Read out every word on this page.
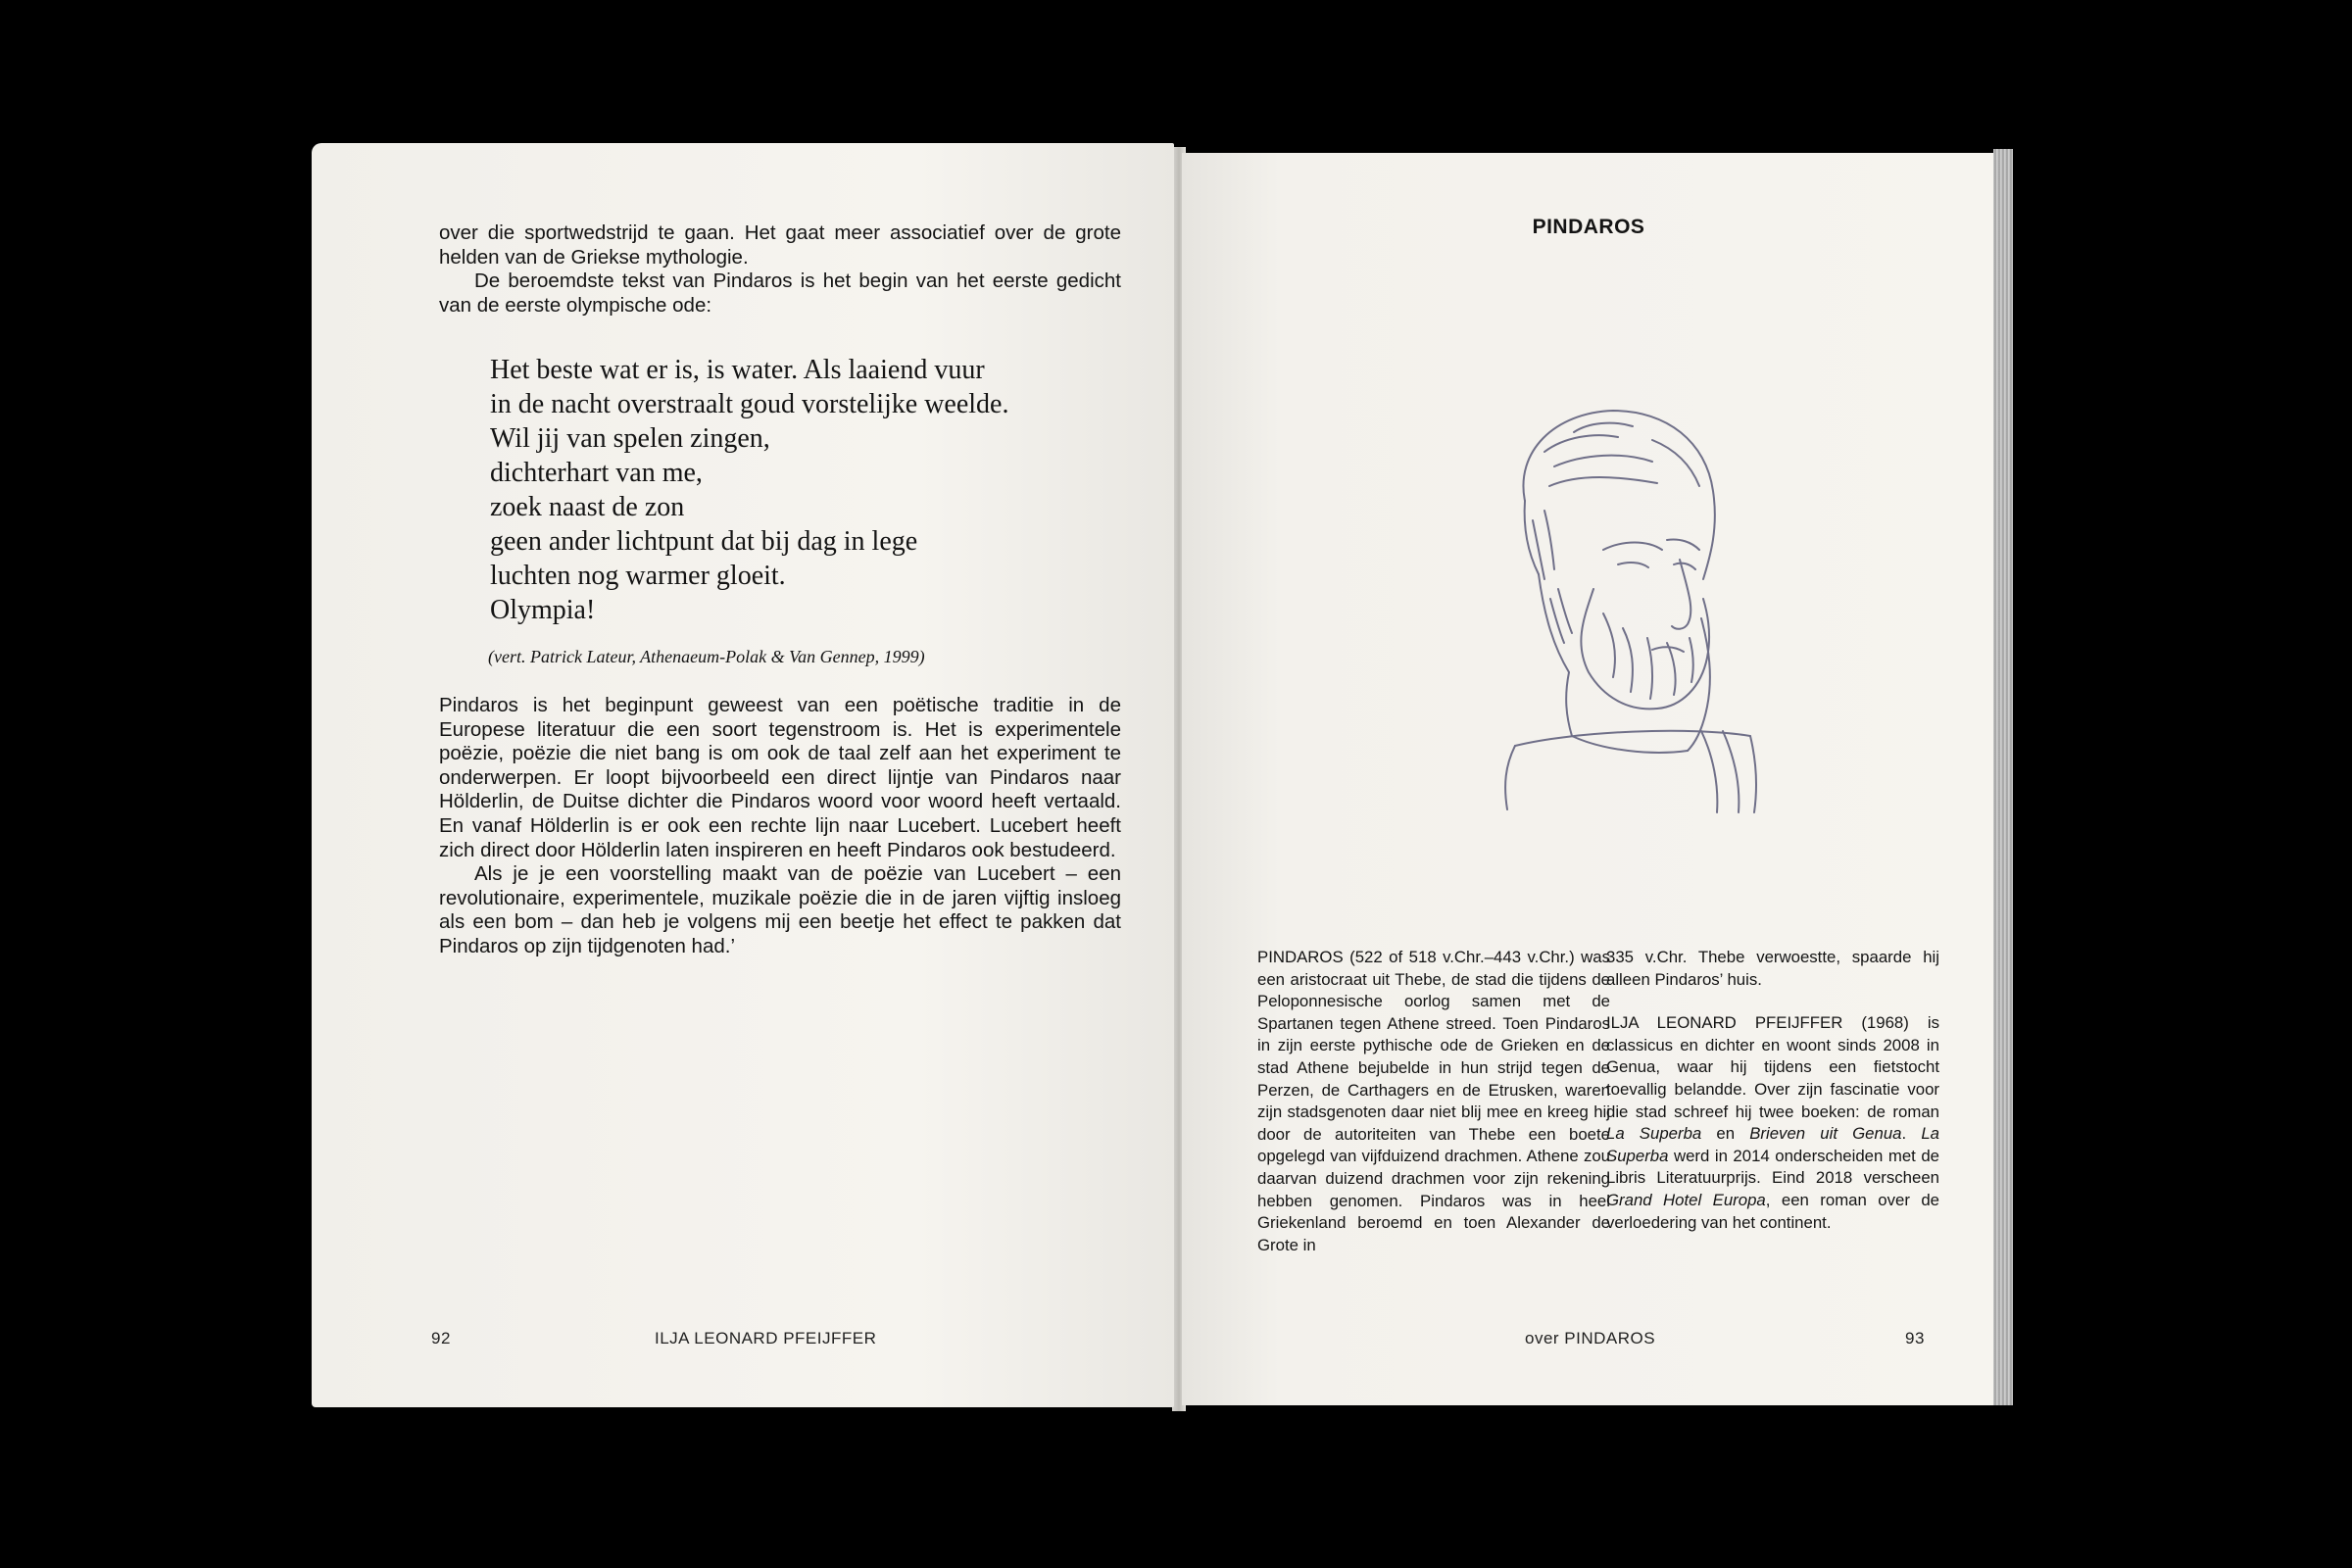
over die sportwedstrijd te gaan. Het gaat meer associatief over de grote helden van de Griekse mythologie.

De beroemdste tekst van Pindaros is het begin van het eerste gedicht van de eerste olympische ode:

Het beste wat er is, is water. Als laaiend vuur
in de nacht overstraalt goud vorstelijke weelde.
Wil jij van spelen zingen,
dichterhart van me,
zoek naast de zon
geen ander lichtpunt dat bij dag in lege
luchten nog warmer gloeit.
Olympia!
(vert. Patrick Lateur, Athenaeum-Polak & Van Gennep, 1999)

Pindaros is het beginpunt geweest van een poëtische traditie in de Europese literatuur die een soort tegenstroom is. Het is experimentele poëzie, poëzie die niet bang is om ook de taal zelf aan het experiment te onderwerpen. Er loopt bijvoorbeeld een direct lijntje van Pindaros naar Hölderlin, de Duitse dichter die Pindaros woord voor woord heeft vertaald. En vanaf Hölderlin is er ook een rechte lijn naar Lucebert. Lucebert heeft zich direct door Hölderlin laten inspireren en heeft Pindaros ook bestudeerd.

Als je je een voorstelling maakt van de poëzie van Lucebert – een revolutionaire, experimentele, muzikale poëzie die in de jaren vijftig insloeg als een bom – dan heb je volgens mij een beetje het effect te pakken dat Pindaros op zijn tijdgenoten had.’

92	ILJA LEONARD PFEIJFFER
PINDAROS
PINDAROS (522 of 518 v.Chr.–443 v.Chr.) was een aristocraat uit Thebe, de stad die tijdens de Peloponnesische oorlog samen met de Spartanen tegen Athene streed. Toen Pindaros in zijn eerste pythische ode de Grieken en de stad Athene bejubelde in hun strijd tegen de Perzen, de Carthagers en de Etrusken, waren zijn stadsgenoten daar niet blij mee en kreeg hij door de autoriteiten van Thebe een boete opgelegd van vijfduizend drachmen. Athene zou daarvan duizend drachmen voor zijn rekening hebben genomen. Pindaros was in heel Griekenland beroemd en toen Alexander de Grote in

335 v.Chr. Thebe verwoestte, spaarde hij alleen Pindaros’ huis.

ILJA LEONARD PFEIJFFER (1968) is classicus en dichter en woont sinds 2008 in Genua, waar hij tijdens een fietstocht toevallig belandde. Over zijn fascinatie voor die stad schreef hij twee boeken: de roman La Superba en Brieven uit Genua. La Superba werd in 2014 onderscheiden met de Libris Literatuurprijs. Eind 2018 verscheen Grand Hotel Europa, een roman over de verloedering van het continent.

over PINDAROS	93
